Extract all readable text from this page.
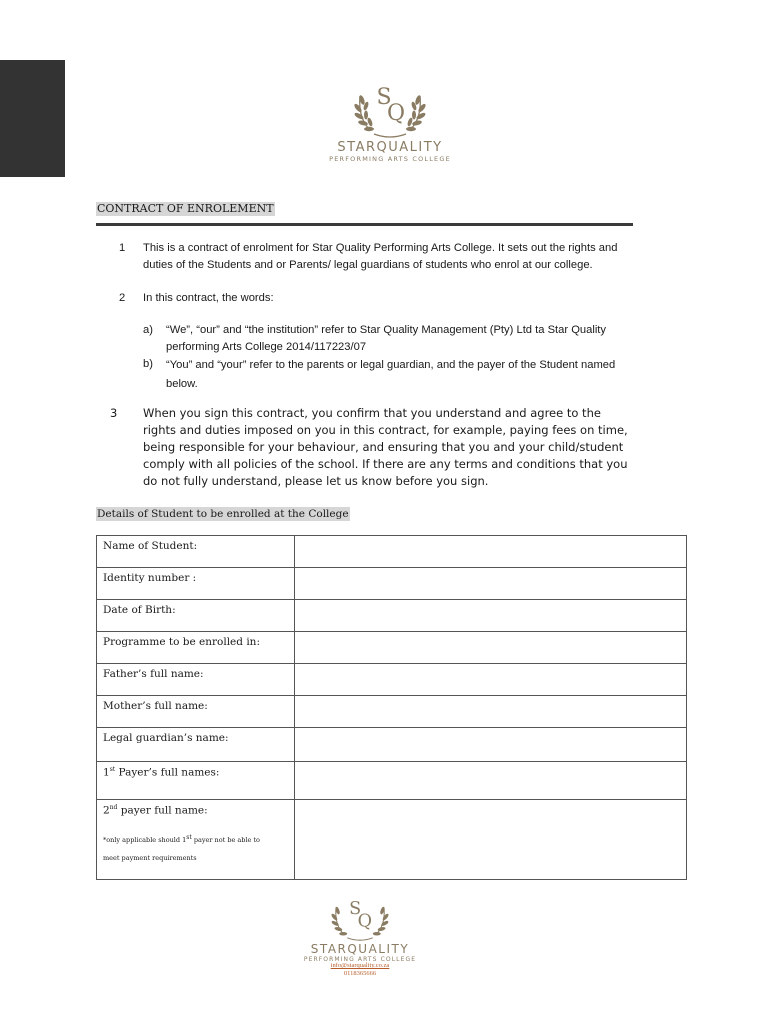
S
Q
STARQUALITY
PERFORMING ARTS COLLEGE
CONTRACT OF ENROLEMENT
1 This is a contract of enrolment for Star Quality Performing Arts College. It sets out the rights and duties of the Students and or Parents/ legal guardians of students who enrol at our college.
2 In this contract, the words:
a) “We”, “our” and “the institution” refer to Star Quality Management (Pty) Ltd ta Star Quality performing Arts College 2014/117223/07
b) “You” and “your” refer to the parents or legal guardian, and the payer of the Student named below.
3 When you sign this contract, you confirm that you understand and agree to the rights and duties imposed on you in this contract, for example, paying fees on time, being responsible for your behaviour, and ensuring that you and your child/student comply with all policies of the school. If there are any terms and conditions that you do not fully understand, please let us know before you sign.
Details of Student to be enrolled at the College
Name of Student:	
Identity number :	
Date of Birth:	
Programme to be enrolled in:	
Father’s full name:	
Mother’s full name:	
Legal guardian’s name:	
1st Payer’s full names:	
2nd payer full name:
*only applicable should 1st payer not be able to
meet payment requirements	

S
Q
STARQUALITY
PERFORMING ARTS COLLEGE
info@starquality.co.za
0118365666
